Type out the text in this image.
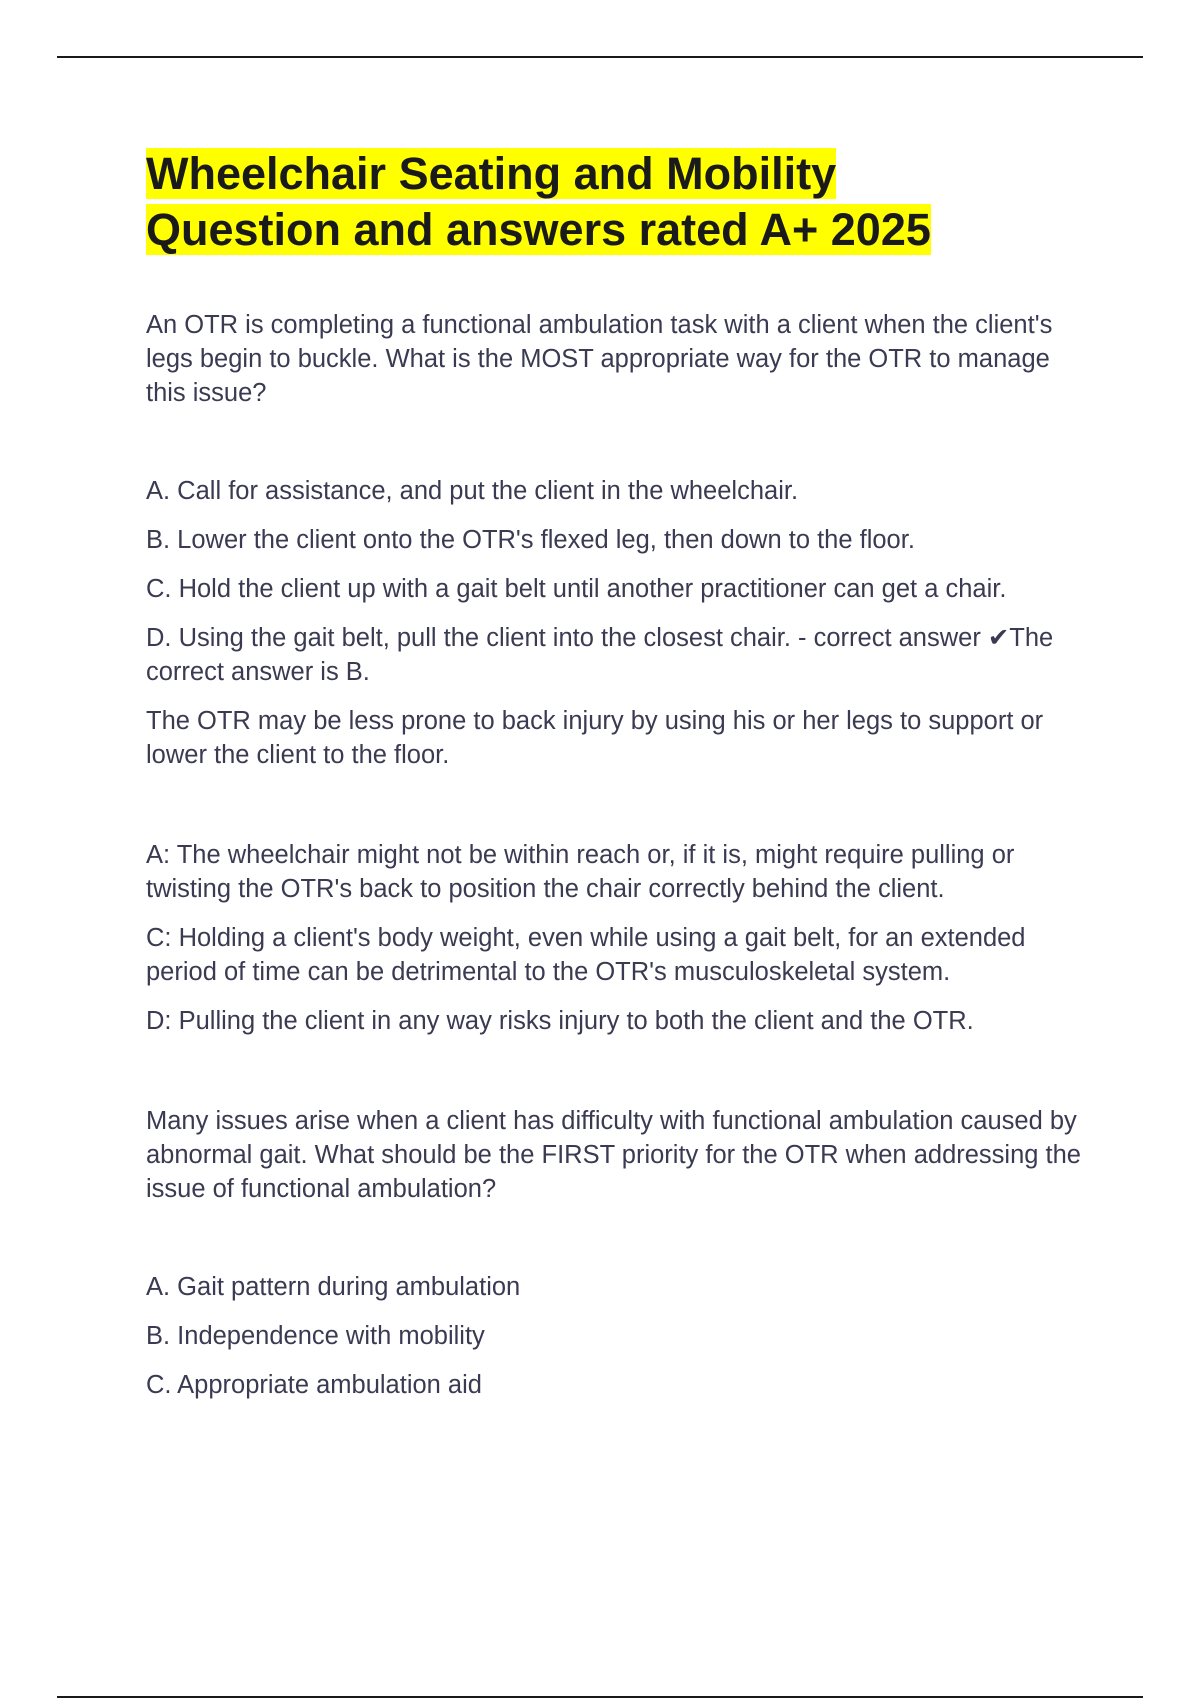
Wheelchair Seating and Mobility
Question and answers rated A+ 2025

An OTR is completing a functional ambulation task with a client when the client's legs begin to buckle. What is the MOST appropriate way for the OTR to manage this issue?

A. Call for assistance, and put the client in the wheelchair.

B. Lower the client onto the OTR's flexed leg, then down to the floor.

C. Hold the client up with a gait belt until another practitioner can get a chair.

D. Using the gait belt, pull the client into the closest chair. - correct answer ✔The correct answer is B.

The OTR may be less prone to back injury by using his or her legs to support or lower the client to the floor.

A: The wheelchair might not be within reach or, if it is, might require pulling or twisting the OTR's back to position the chair correctly behind the client.

C: Holding a client's body weight, even while using a gait belt, for an extended period of time can be detrimental to the OTR's musculoskeletal system.

D: Pulling the client in any way risks injury to both the client and the OTR.

Many issues arise when a client has difficulty with functional ambulation caused by abnormal gait. What should be the FIRST priority for the OTR when addressing the issue of functional ambulation?

A. Gait pattern during ambulation

B. Independence with mobility

C. Appropriate ambulation aid
